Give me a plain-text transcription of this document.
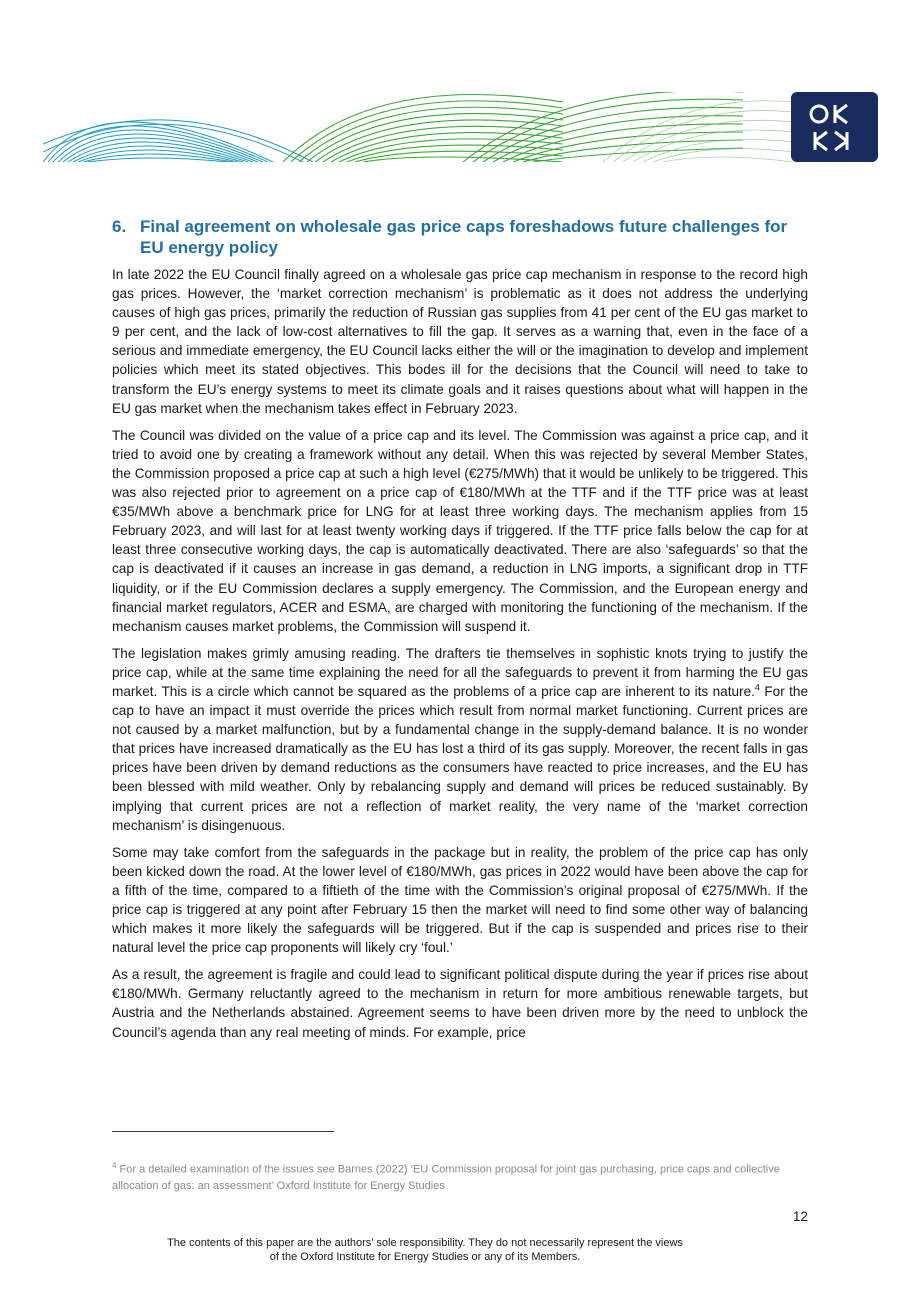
6. Final agreement on wholesale gas price caps foreshadows future challenges for EU energy policy

In late 2022 the EU Council finally agreed on a wholesale gas price cap mechanism in response to the record high gas prices. However, the ‘market correction mechanism’ is problematic as it does not address the underlying causes of high gas prices, primarily the reduction of Russian gas supplies from 41 per cent of the EU gas market to 9 per cent, and the lack of low-cost alternatives to fill the gap. It serves as a warning that, even in the face of a serious and immediate emergency, the EU Council lacks either the will or the imagination to develop and implement policies which meet its stated objectives. This bodes ill for the decisions that the Council will need to take to transform the EU’s energy systems to meet its climate goals and it raises questions about what will happen in the EU gas market when the mechanism takes effect in February 2023.

The Council was divided on the value of a price cap and its level. The Commission was against a price cap, and it tried to avoid one by creating a framework without any detail. When this was rejected by several Member States, the Commission proposed a price cap at such a high level (€275/MWh) that it would be unlikely to be triggered. This was also rejected prior to agreement on a price cap of €180/MWh at the TTF and if the TTF price was at least €35/MWh above a benchmark price for LNG for at least three working days. The mechanism applies from 15 February 2023, and will last for at least twenty working days if triggered. If the TTF price falls below the cap for at least three consecutive working days, the cap is automatically deactivated. There are also ‘safeguards’ so that the cap is deactivated if it causes an increase in gas demand, a reduction in LNG imports, a significant drop in TTF liquidity, or if the EU Commission declares a supply emergency. The Commission, and the European energy and financial market regulators, ACER and ESMA, are charged with monitoring the functioning of the mechanism. If the mechanism causes market problems, the Commission will suspend it.

The legislation makes grimly amusing reading. The drafters tie themselves in sophistic knots trying to justify the price cap, while at the same time explaining the need for all the safeguards to prevent it from harming the EU gas market. This is a circle which cannot be squared as the problems of a price cap are inherent to its nature.$^4$ For the cap to have an impact it must override the prices which result from normal market functioning. Current prices are not caused by a market malfunction, but by a fundamental change in the supply-demand balance. It is no wonder that prices have increased dramatically as the EU has lost a third of its gas supply. Moreover, the recent falls in gas prices have been driven by demand reductions as the consumers have reacted to price increases, and the EU has been blessed with mild weather. Only by rebalancing supply and demand will prices be reduced sustainably. By implying that current prices are not a reflection of market reality, the very name of the ‘market correction mechanism’ is disingenuous.

Some may take comfort from the safeguards in the package but in reality, the problem of the price cap has only been kicked down the road. At the lower level of €180/MWh, gas prices in 2022 would have been above the cap for a fifth of the time, compared to a fiftieth of the time with the Commission’s original proposal of €275/MWh. If the price cap is triggered at any point after February 15 then the market will need to find some other way of balancing which makes it more likely the safeguards will be triggered. But if the cap is suspended and prices rise to their natural level the price cap proponents will likely cry ‘foul.’

As a result, the agreement is fragile and could lead to significant political dispute during the year if prices rise about €180/MWh. Germany reluctantly agreed to the mechanism in return for more ambitious renewable targets, but Austria and the Netherlands abstained. Agreement seems to have been driven more by the need to unblock the Council’s agenda than any real meeting of minds. For example, price

$^4$ For a detailed examination of the issues see Barnes (2022) ‘EU Commission proposal for joint gas purchasing, price caps and collective allocation of gas: an assessment’ Oxford Institute for Energy Studies
12
The contents of this paper are the authors’ sole responsibility. They do not necessarily represent the views
of the Oxford Institute for Energy Studies or any of its Members.
